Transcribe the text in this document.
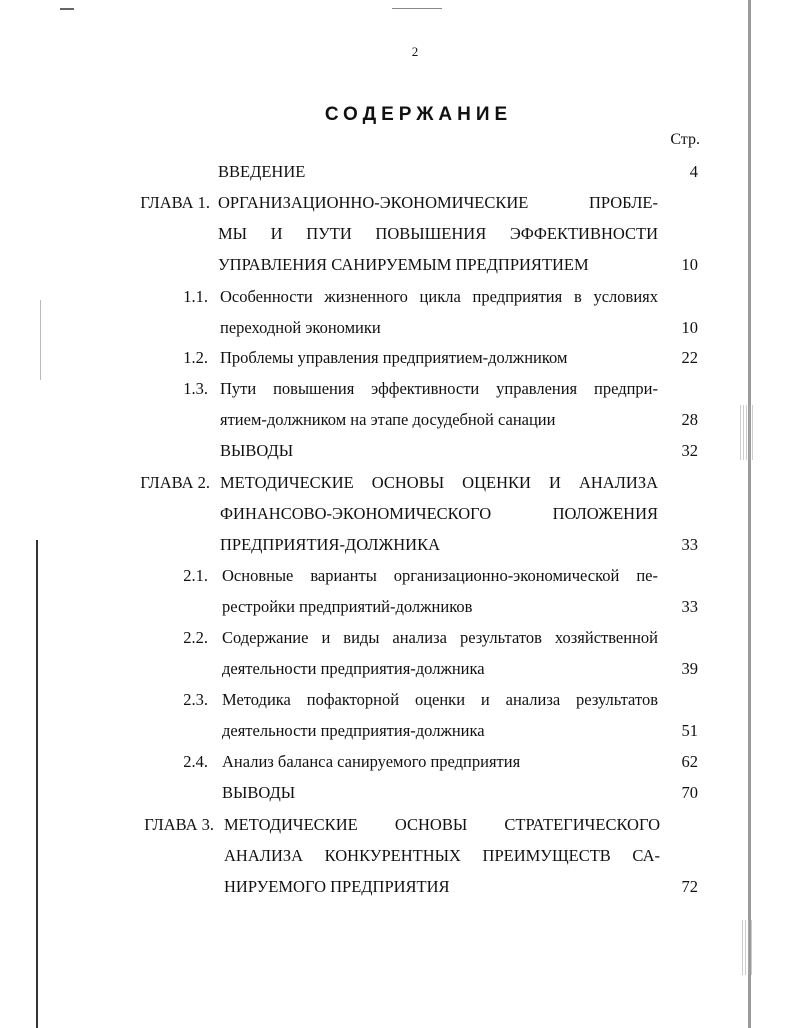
2
СОДЕРЖАНИЕ
Стр.
ВВЕДЕНИЕ	4
ГЛАВА 1. ОРГАНИЗАЦИОННО-ЭКОНОМИЧЕСКИЕ ПРОБЛЕ-
МЫ И ПУТИ ПОВЫШЕНИЯ ЭФФЕКТИВНОСТИ
УПРАВЛЕНИЯ САНИРУЕМЫМ ПРЕДПРИЯТИЕМ	10
1.1. Особенности жизненного цикла предприятия в условиях
переходной экономики	10
1.2. Проблемы управления предприятием-должником	22
1.3. Пути повышения эффективности управления предпри-
ятием-должником на этапе досудебной санации	28
ВЫВОДЫ	32
ГЛАВА 2. МЕТОДИЧЕСКИЕ ОСНОВЫ ОЦЕНКИ И АНАЛИЗА
ФИНАНСОВО-ЭКОНОМИЧЕСКОГО ПОЛОЖЕНИЯ
ПРЕДПРИЯТИЯ-ДОЛЖНИКА	33
2.1. Основные варианты организационно-экономической пе-
рестройки предприятий-должников	33
2.2. Содержание и виды анализа результатов хозяйственной
деятельности предприятия-должника	39
2.3. Методика пофакторной оценки и анализа результатов
деятельности предприятия-должника	51
2.4. Анализ баланса санируемого предприятия	62
ВЫВОДЫ	70
ГЛАВА 3. МЕТОДИЧЕСКИЕ ОСНОВЫ СТРАТЕГИЧЕСКОГО
АНАЛИЗА КОНКУРЕНТНЫХ ПРЕИМУЩЕСТВ СА-
НИРУЕМОГО ПРЕДПРИЯТИЯ	72
